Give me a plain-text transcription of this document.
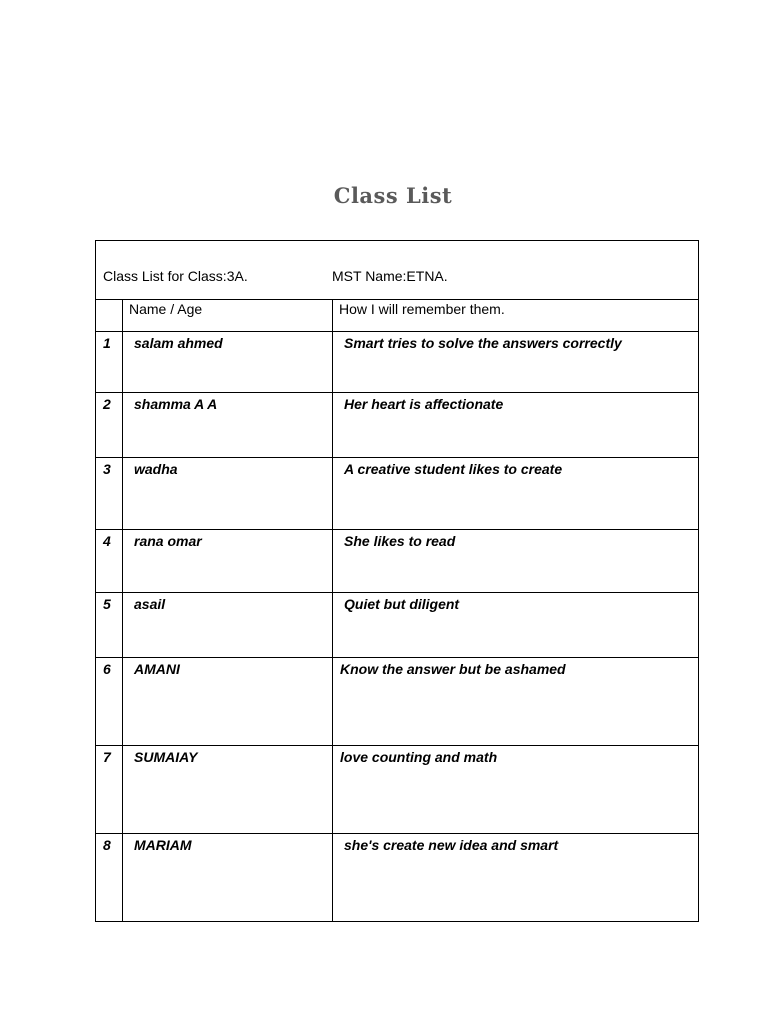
Class List
Class List for Class:3A. MST Name:ETNA.		

	Name / Age	How I will remember them.
1	salam ahmed	Smart tries to solve the answers correctly
2	shamma A A	Her heart is affectionate
3	wadha	A creative student likes to create
4	rana omar	She likes to read
5	asail	Quiet but diligent
6	AMANI	Know the answer but be ashamed
7	SUMAIAY	love counting and math
8	MARIAM	she's create new idea and smart
